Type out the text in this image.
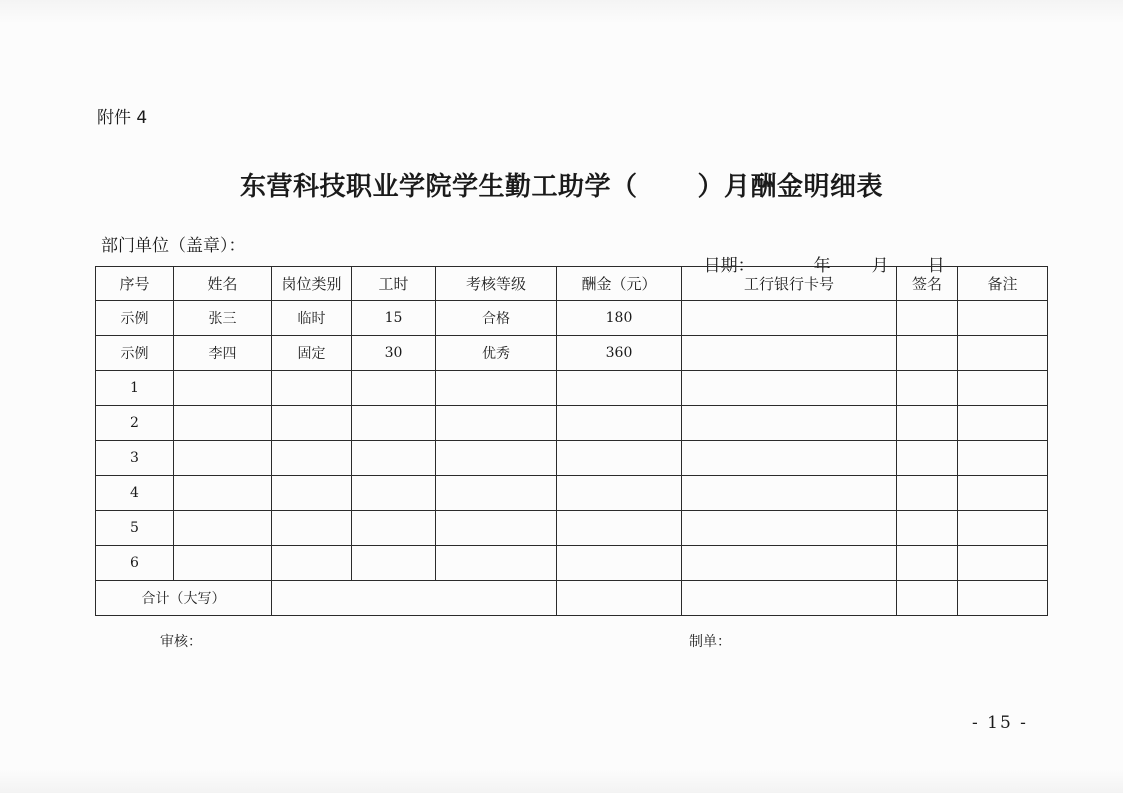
附件 4
东营科技职业学院学生勤工助学（ ）月酬金明细表
部门单位（盖章）：

日期：	年 月 日

序号	姓名	岗位类别	工时	考核等级	酬金（元）	工行银行卡号	签名	备注
示例	张三	临时	15	合格	180			
示例	李四	固定	30	优秀	360			
1								
2								
3								
4								
5								
6								
合计（大写）								
审核：	制单：
- 15 -
